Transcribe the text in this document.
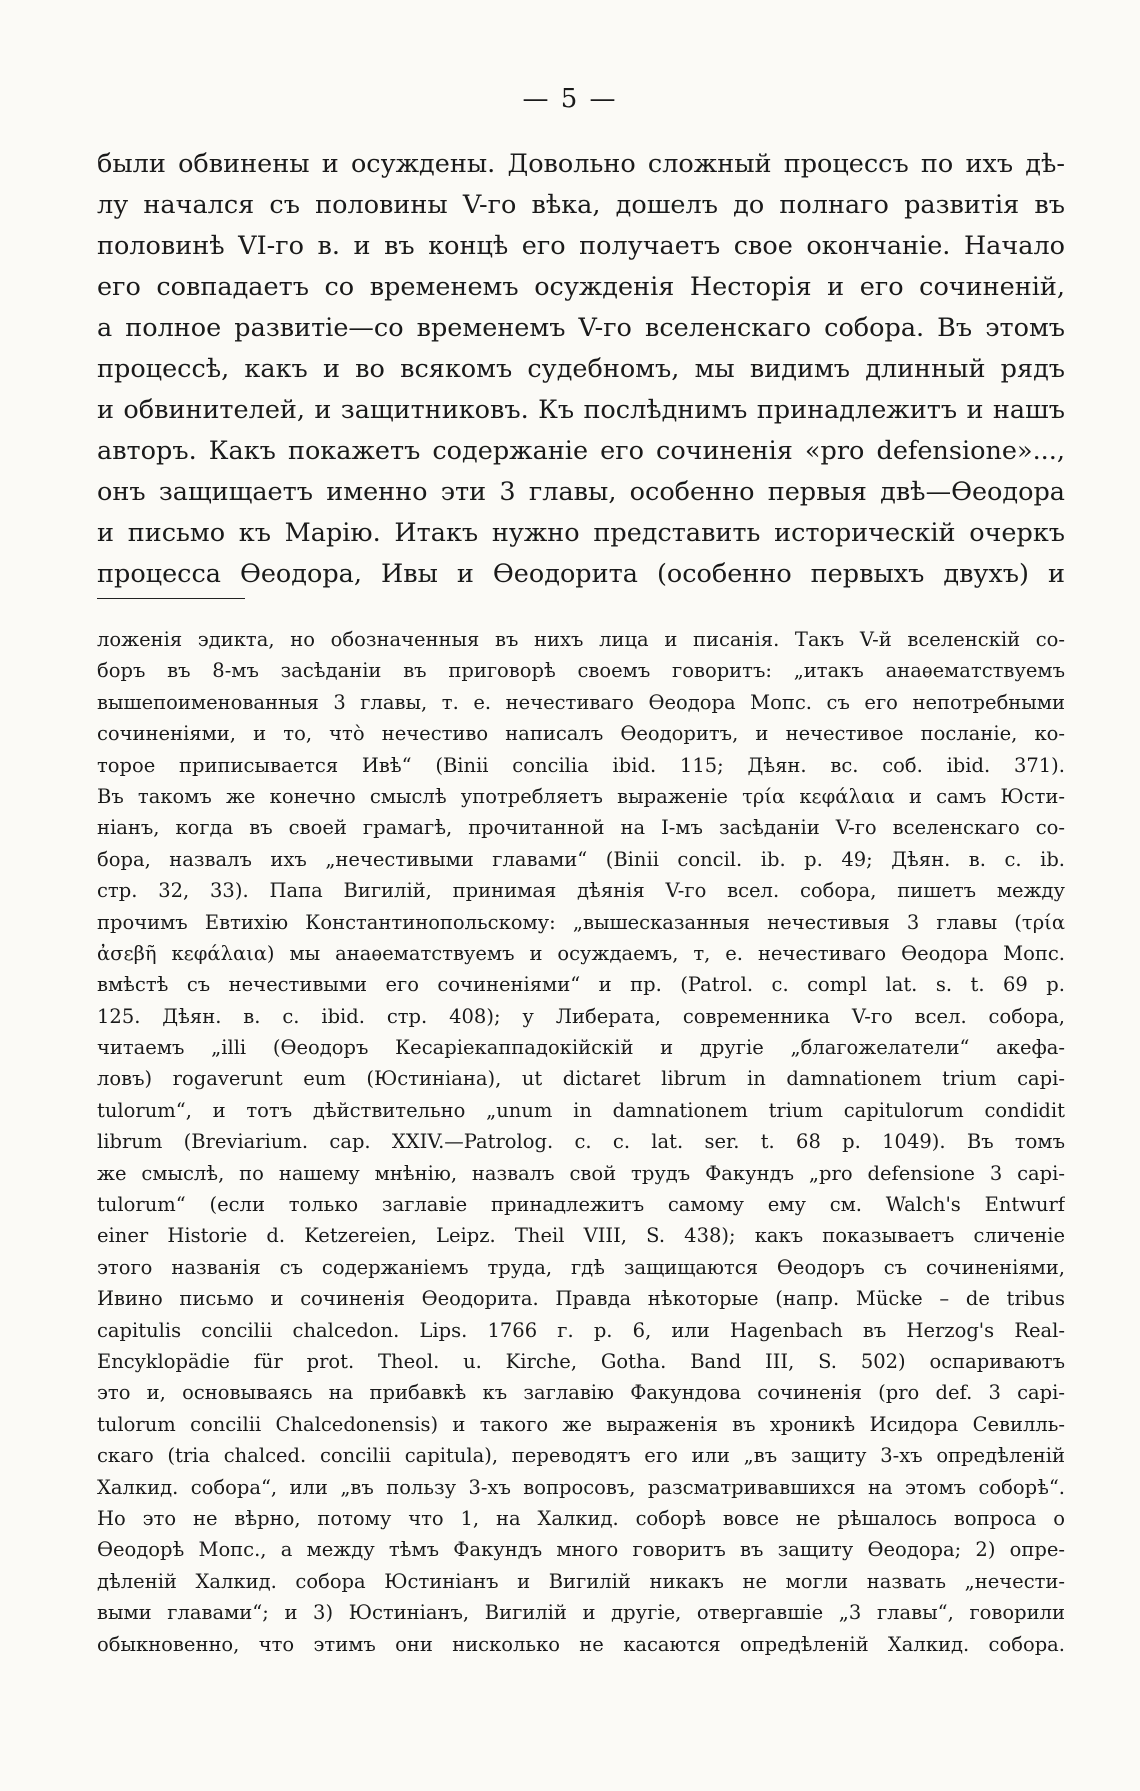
— 5 —

были обвинены и осуждены. Довольно сложный процессъ по ихъ дѣ-

лу начался съ половины V-го вѣка, дошелъ до полнаго развитія въ

половинѣ VI-го в. и въ концѣ его получаетъ свое окончаніе. Начало

его совпадаетъ со временемъ осужденія Несторія и его сочиненій,

а полное развитіе—со временемъ V-го вселенскаго собора. Въ этомъ

процессѣ, какъ и во всякомъ судебномъ, мы видимъ длинный рядъ

и обвинителей, и защитниковъ. Къ послѣднимъ принадлежитъ и нашъ

авторъ. Какъ покажетъ содержаніе его сочиненія «pro defensione»...,

онъ защищаетъ именно эти 3 главы, особенно первыя двѣ—Ѳеодора

и письмо къ Марію. Итакъ нужно представить историческій очеркъ

процесса Ѳеодора, Ивы и Ѳеодорита (особенно первыхъ двухъ) и

ложенія эдикта, но обозначенныя въ нихъ лица и писанія. Такъ V-й вселенскій со-

боръ въ 8-мъ засѣданіи въ приговорѣ своемъ говоритъ: „итакъ анаѳематствуемъ

вышепоименованныя 3 главы, т. е. нечестиваго Ѳеодора Мопс. съ его непотребными

сочиненіями, и то, что̀ нечестиво написалъ Ѳеодоритъ, и нечестивое посланіе, ко-

торое приписывается Ивѣ“ (Binii concilia ibid. 115; Дѣян. вс. соб. ibid. 371).

Въ такомъ же конечно смыслѣ употребляетъ выраженіе τρία κεφάλαια и самъ Юсти-

ніанъ, когда въ своей грамагѣ, прочитанной на I-мъ засѣданіи V-го вселенскаго со-

бора, назвалъ ихъ „нечестивыми главами“ (Binii concil. ib. p. 49; Дѣян. в. с. ib.

стр. 32, 33). Папа Вигилій, принимая дѣянія V-го всел. собора, пишетъ между

прочимъ Евтихію Константинопольскому: „вышесказанныя нечестивыя 3 главы (τρία

ἀσεβῆ κεφάλαια) мы анаѳематствуемъ и осуждаемъ, т, е. нечестиваго Ѳеодора Мопс.

вмѣстѣ съ нечестивыми его сочиненіями“ и пр. (Patrol. c. compl lat. s. t. 69 p.

125. Дѣян. в. с. ibid. стр. 408); у Либерата, современника V-го всел. собора,

читаемъ „illi (Ѳеодоръ Кесаріекаппадокійскій и другіе „благожелатели“ акефа-

ловъ) rogaverunt eum (Юстиніана), ut dictaret librum in damnationem trium capi-

tulorum“, и тотъ дѣйствительно „unum in damnationem trium capitulorum condidit

librum (Breviarium. cap. XXIV.—Patrolog. c. c. lat. ser. t. 68 p. 1049). Въ томъ

же смыслѣ, по нашему мнѣнію, назвалъ свой трудъ Факундъ „pro defensione 3 capi-

tulorum“ (если только заглавіе принадлежитъ самому ему см. Walch's Entwurf

einer Historie d. Ketzereien, Leipz. Theil VIII, S. 438); какъ показываетъ сличеніе

этого названія съ содержаніемъ труда, гдѣ защищаются Ѳеодоръ съ сочиненіями,

Ивино письмо и сочиненія Ѳеодорита. Правда нѣкоторые (напр. Mücke – de tribus

capitulis concilii chalcedon. Lips. 1766 г. p. 6, или Hagenbach въ Herzog's Real-

Encyklopädie für prot. Theol. u. Kirche, Gotha. Band III, S. 502) оспариваютъ

это и, основываясь на прибавкѣ къ заглавію Факундова сочиненія (pro def. 3 capi-

tulorum concilii Chalcedonensis) и такого же выраженія въ хроникѣ Исидора Севилль-

скаго (tria chalced. concilii capitula), переводятъ его или „въ защиту 3-хъ опредѣленій

Халкид. собора“, или „въ пользу 3-хъ вопросовъ, разсматривавшихся на этомъ соборѣ“.

Но это не вѣрно, потому что 1, на Халкид. соборѣ вовсе не рѣшалось вопроса о

Ѳеодорѣ Мопс., а между тѣмъ Факундъ много говоритъ въ защиту Ѳеодора; 2) опре-

дѣленій Халкид. собора Юстиніанъ и Вигилій никакъ не могли назвать „нечести-

выми главами“; и 3) Юстиніанъ, Вигилій и другіе, отвергавшіе „3 главы“, говорили

обыкновенно, что этимъ они нисколько не касаются опредѣленій Халкид. собора.
